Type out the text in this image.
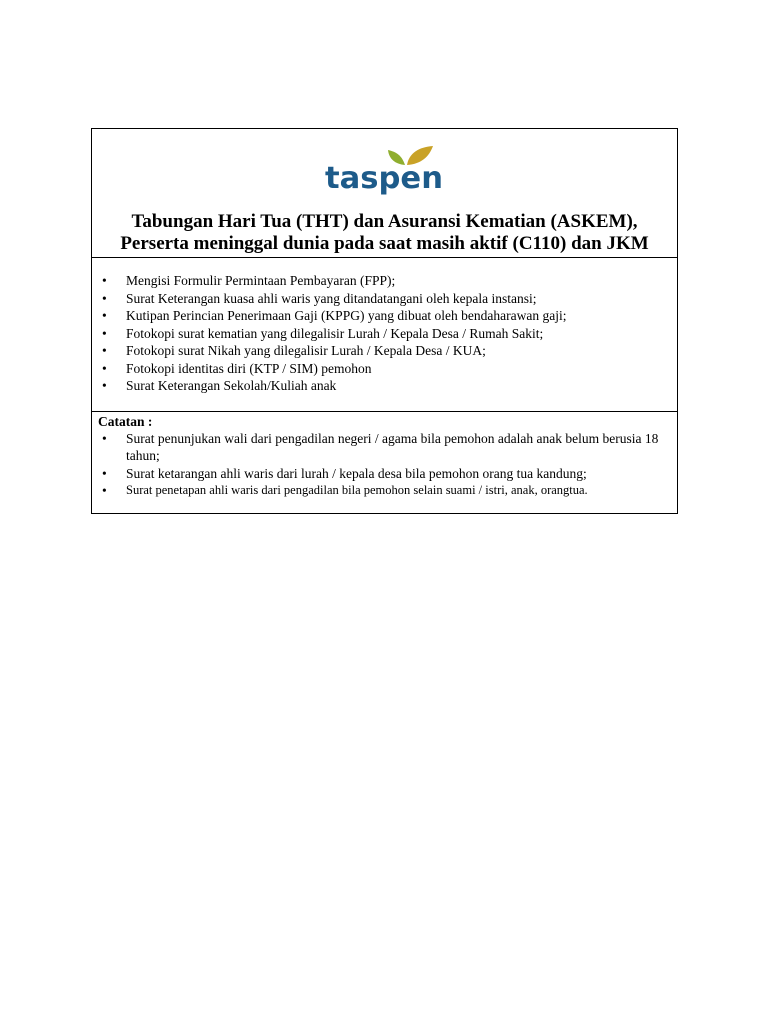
taspen
Tabungan Hari Tua (THT) dan Asuransi Kematian (ASKEM),
Perserta meninggal dunia pada saat masih aktif (C110) dan JKM
• Mengisi Formulir Permintaan Pembayaran (FPP);
• Surat Keterangan kuasa ahli waris yang ditandatangani oleh kepala instansi;
• Kutipan Perincian Penerimaan Gaji (KPPG) yang dibuat oleh bendaharawan gaji;
• Fotokopi surat kematian yang dilegalisir Lurah / Kepala Desa / Rumah Sakit;
• Fotokopi surat Nikah yang dilegalisir Lurah / Kepala Desa / KUA;
• Fotokopi identitas diri (KTP / SIM) pemohon
• Surat Keterangan Sekolah/Kuliah anak
Catatan :
• Surat penunjukan wali dari pengadilan negeri / agama bila pemohon adalah anak belum berusia 18 tahun;
• Surat ketarangan ahli waris dari lurah / kepala desa bila pemohon orang tua kandung;
• Surat penetapan ahli waris dari pengadilan bila pemohon selain suami / istri, anak, orangtua.
